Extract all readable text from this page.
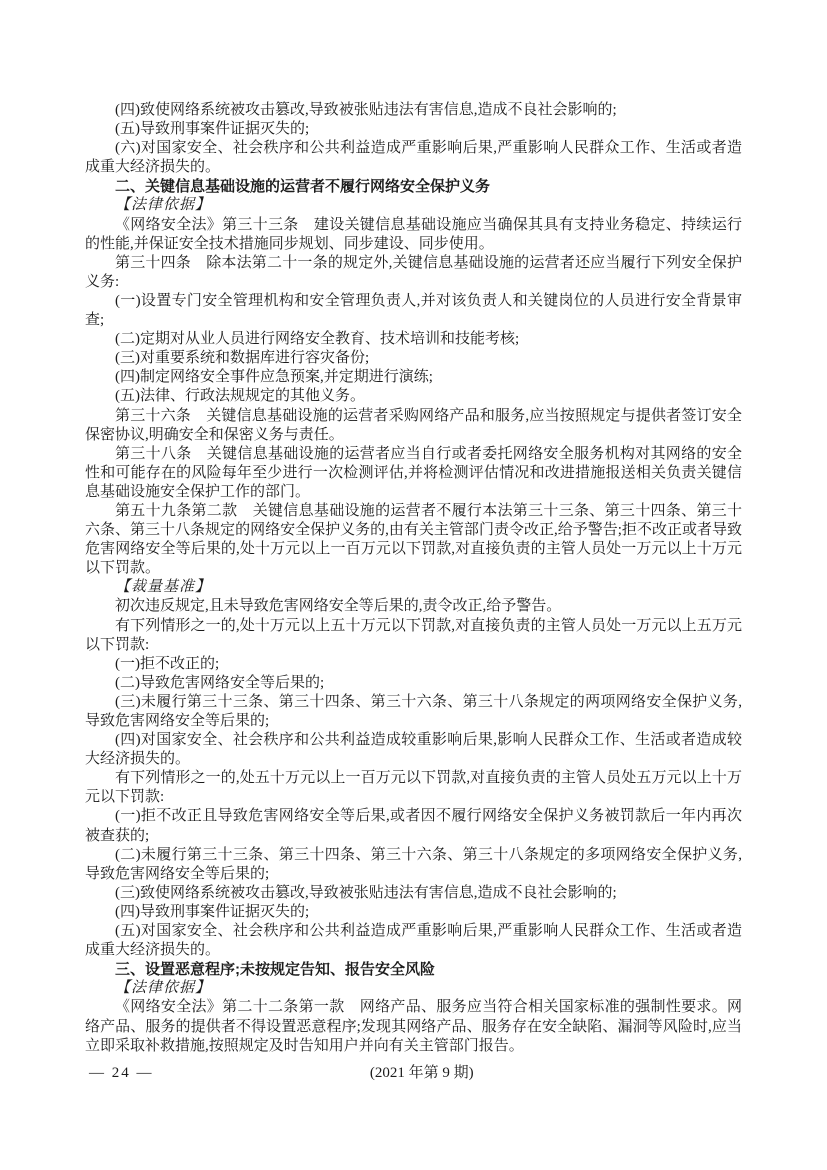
(四)致使网络系统被攻击篡改,导致被张贴违法有害信息,造成不良社会影响的;

(五)导致刑事案件证据灭失的;

(六)对国家安全、社会秩序和公共利益造成严重影响后果,严重影响人民群众工作、生活或者造成重大经济损失的。

二、关键信息基础设施的运营者不履行网络安全保护义务

【法律依据】

《网络安全法》第三十三条　建设关键信息基础设施应当确保其具有支持业务稳定、持续运行的性能,并保证安全技术措施同步规划、同步建设、同步使用。

第三十四条　除本法第二十一条的规定外,关键信息基础设施的运营者还应当履行下列安全保护义务:

(一)设置专门安全管理机构和安全管理负责人,并对该负责人和关键岗位的人员进行安全背景审查;

(二)定期对从业人员进行网络安全教育、技术培训和技能考核;

(三)对重要系统和数据库进行容灾备份;

(四)制定网络安全事件应急预案,并定期进行演练;

(五)法律、行政法规规定的其他义务。

第三十六条　关键信息基础设施的运营者采购网络产品和服务,应当按照规定与提供者签订安全保密协议,明确安全和保密义务与责任。

第三十八条　关键信息基础设施的运营者应当自行或者委托网络安全服务机构对其网络的安全性和可能存在的风险每年至少进行一次检测评估,并将检测评估情况和改进措施报送相关负责关键信息基础设施安全保护工作的部门。

第五十九条第二款　关键信息基础设施的运营者不履行本法第三十三条、第三十四条、第三十六条、第三十八条规定的网络安全保护义务的,由有关主管部门责令改正,给予警告;拒不改正或者导致危害网络安全等后果的,处十万元以上一百万元以下罚款,对直接负责的主管人员处一万元以上十万元以下罚款。

【裁量基准】

初次违反规定,且未导致危害网络安全等后果的,责令改正,给予警告。

有下列情形之一的,处十万元以上五十万元以下罚款,对直接负责的主管人员处一万元以上五万元以下罚款:

(一)拒不改正的;

(二)导致危害网络安全等后果的;

(三)未履行第三十三条、第三十四条、第三十六条、第三十八条规定的两项网络安全保护义务,导致危害网络安全等后果的;

(四)对国家安全、社会秩序和公共利益造成较重影响后果,影响人民群众工作、生活或者造成较大经济损失的。

有下列情形之一的,处五十万元以上一百万元以下罚款,对直接负责的主管人员处五万元以上十万元以下罚款:

(一)拒不改正且导致危害网络安全等后果,或者因不履行网络安全保护义务被罚款后一年内再次被查获的;

(二)未履行第三十三条、第三十四条、第三十六条、第三十八条规定的多项网络安全保护义务,导致危害网络安全等后果的;

(三)致使网络系统被攻击篡改,导致被张贴违法有害信息,造成不良社会影响的;

(四)导致刑事案件证据灭失的;

(五)对国家安全、社会秩序和公共利益造成严重影响后果,严重影响人民群众工作、生活或者造成重大经济损失的。

三、设置恶意程序;未按规定告知、报告安全风险

【法律依据】

《网络安全法》第二十二条第一款　网络产品、服务应当符合相关国家标准的强制性要求。网络产品、服务的提供者不得设置恶意程序;发现其网络产品、服务存在安全缺陷、漏洞等风险时,应当立即采取补救措施,按照规定及时告知用户并向有关主管部门报告。

— 24 —	(2021 年第 9 期)
